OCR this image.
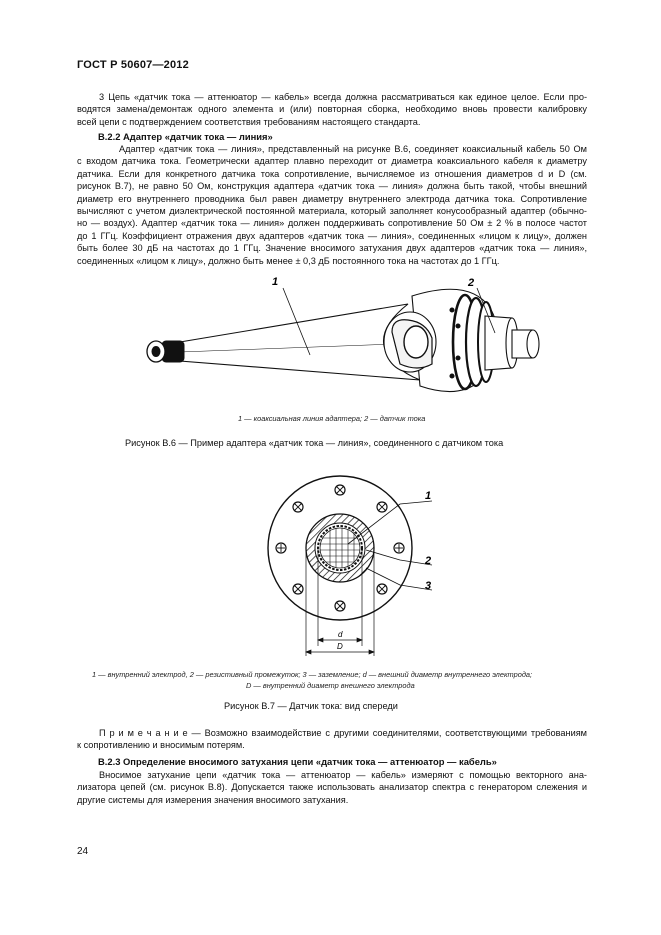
ГОСТ Р 50607—2012
3 Цепь «датчик тока — аттенюатор — кабель» всегда должна рассматриваться как единое целое. Если про-
водятся замена/демонтаж одного элемента и (или) повторная сборка, необходимо вновь провести калибровку
всей цепи с подтверждением соответствия требованиям настоящего стандарта.
В.2.2 Адаптер «датчик тока — линия»
Адаптер «датчик тока — линия», представленный на рисунке В.6, соединяет коаксиальный кабель 50 Ом
с входом датчика тока. Геометрически адаптер плавно переходит от диаметра коаксиального кабеля к диаметру
датчика. Если для конкретного датчика тока сопротивление, вычисляемое из отношения диаметров d и D (см.
рисунок В.7), не равно 50 Ом, конструкция адаптера «датчик тока — линия» должна быть такой, чтобы внешний
диаметр его внутреннего проводника был равен диаметру внутреннего электрода датчика тока. Сопротивление
вычисляют с учетом диэлектрической постоянной материала, который заполняет конусообразный адаптер (обычно-
но — воздух). Адаптер «датчик тока — линия» должен поддерживать сопротивление 50 Ом ± 2 % в полосе частот
до 1 ГГц. Коэффициент отражения двух адаптеров «датчик тока — линия», соединенных «лицом к лицу», должен
быть более 30 дБ на частотах до 1 ГГц. Значение вносимого затухания двух адаптеров «датчик тока — линия»,
соединенных «лицом к лицу», должно быть менее ± 0,3 дБ постоянного тока на частотах до 1 ГГц.
1	2
1 — коаксиальная линия адаптера; 2 — датчик тока
Рисунок В.6 — Пример адаптера «датчик тока — линия», соединенного с датчиком тока
d
D
1
2
3
1 — внутренний электрод, 2 — резистивный промежуток; 3 — заземление; d — внешний диаметр внутреннего электрода;
D — внутренний диаметр внешнего электрода
Рисунок В.7 — Датчик тока: вид спереди
П р и м е ч а н и е — Возможно взаимодействие с другими соединителями, соответствующими требованиям
к сопротивлению и вносимым потерям.
В.2.3 Определение вносимого затухания цепи «датчик тока — аттенюатор — кабель»
Вносимое затухание цепи «датчик тока — аттенюатор — кабель» измеряют с помощью векторного ана-
лизатора цепей (см. рисунок В.8). Допускается также использовать анализатор спектра с генератором слежения и
другие системы для измерения значения вносимого затухания.
24
